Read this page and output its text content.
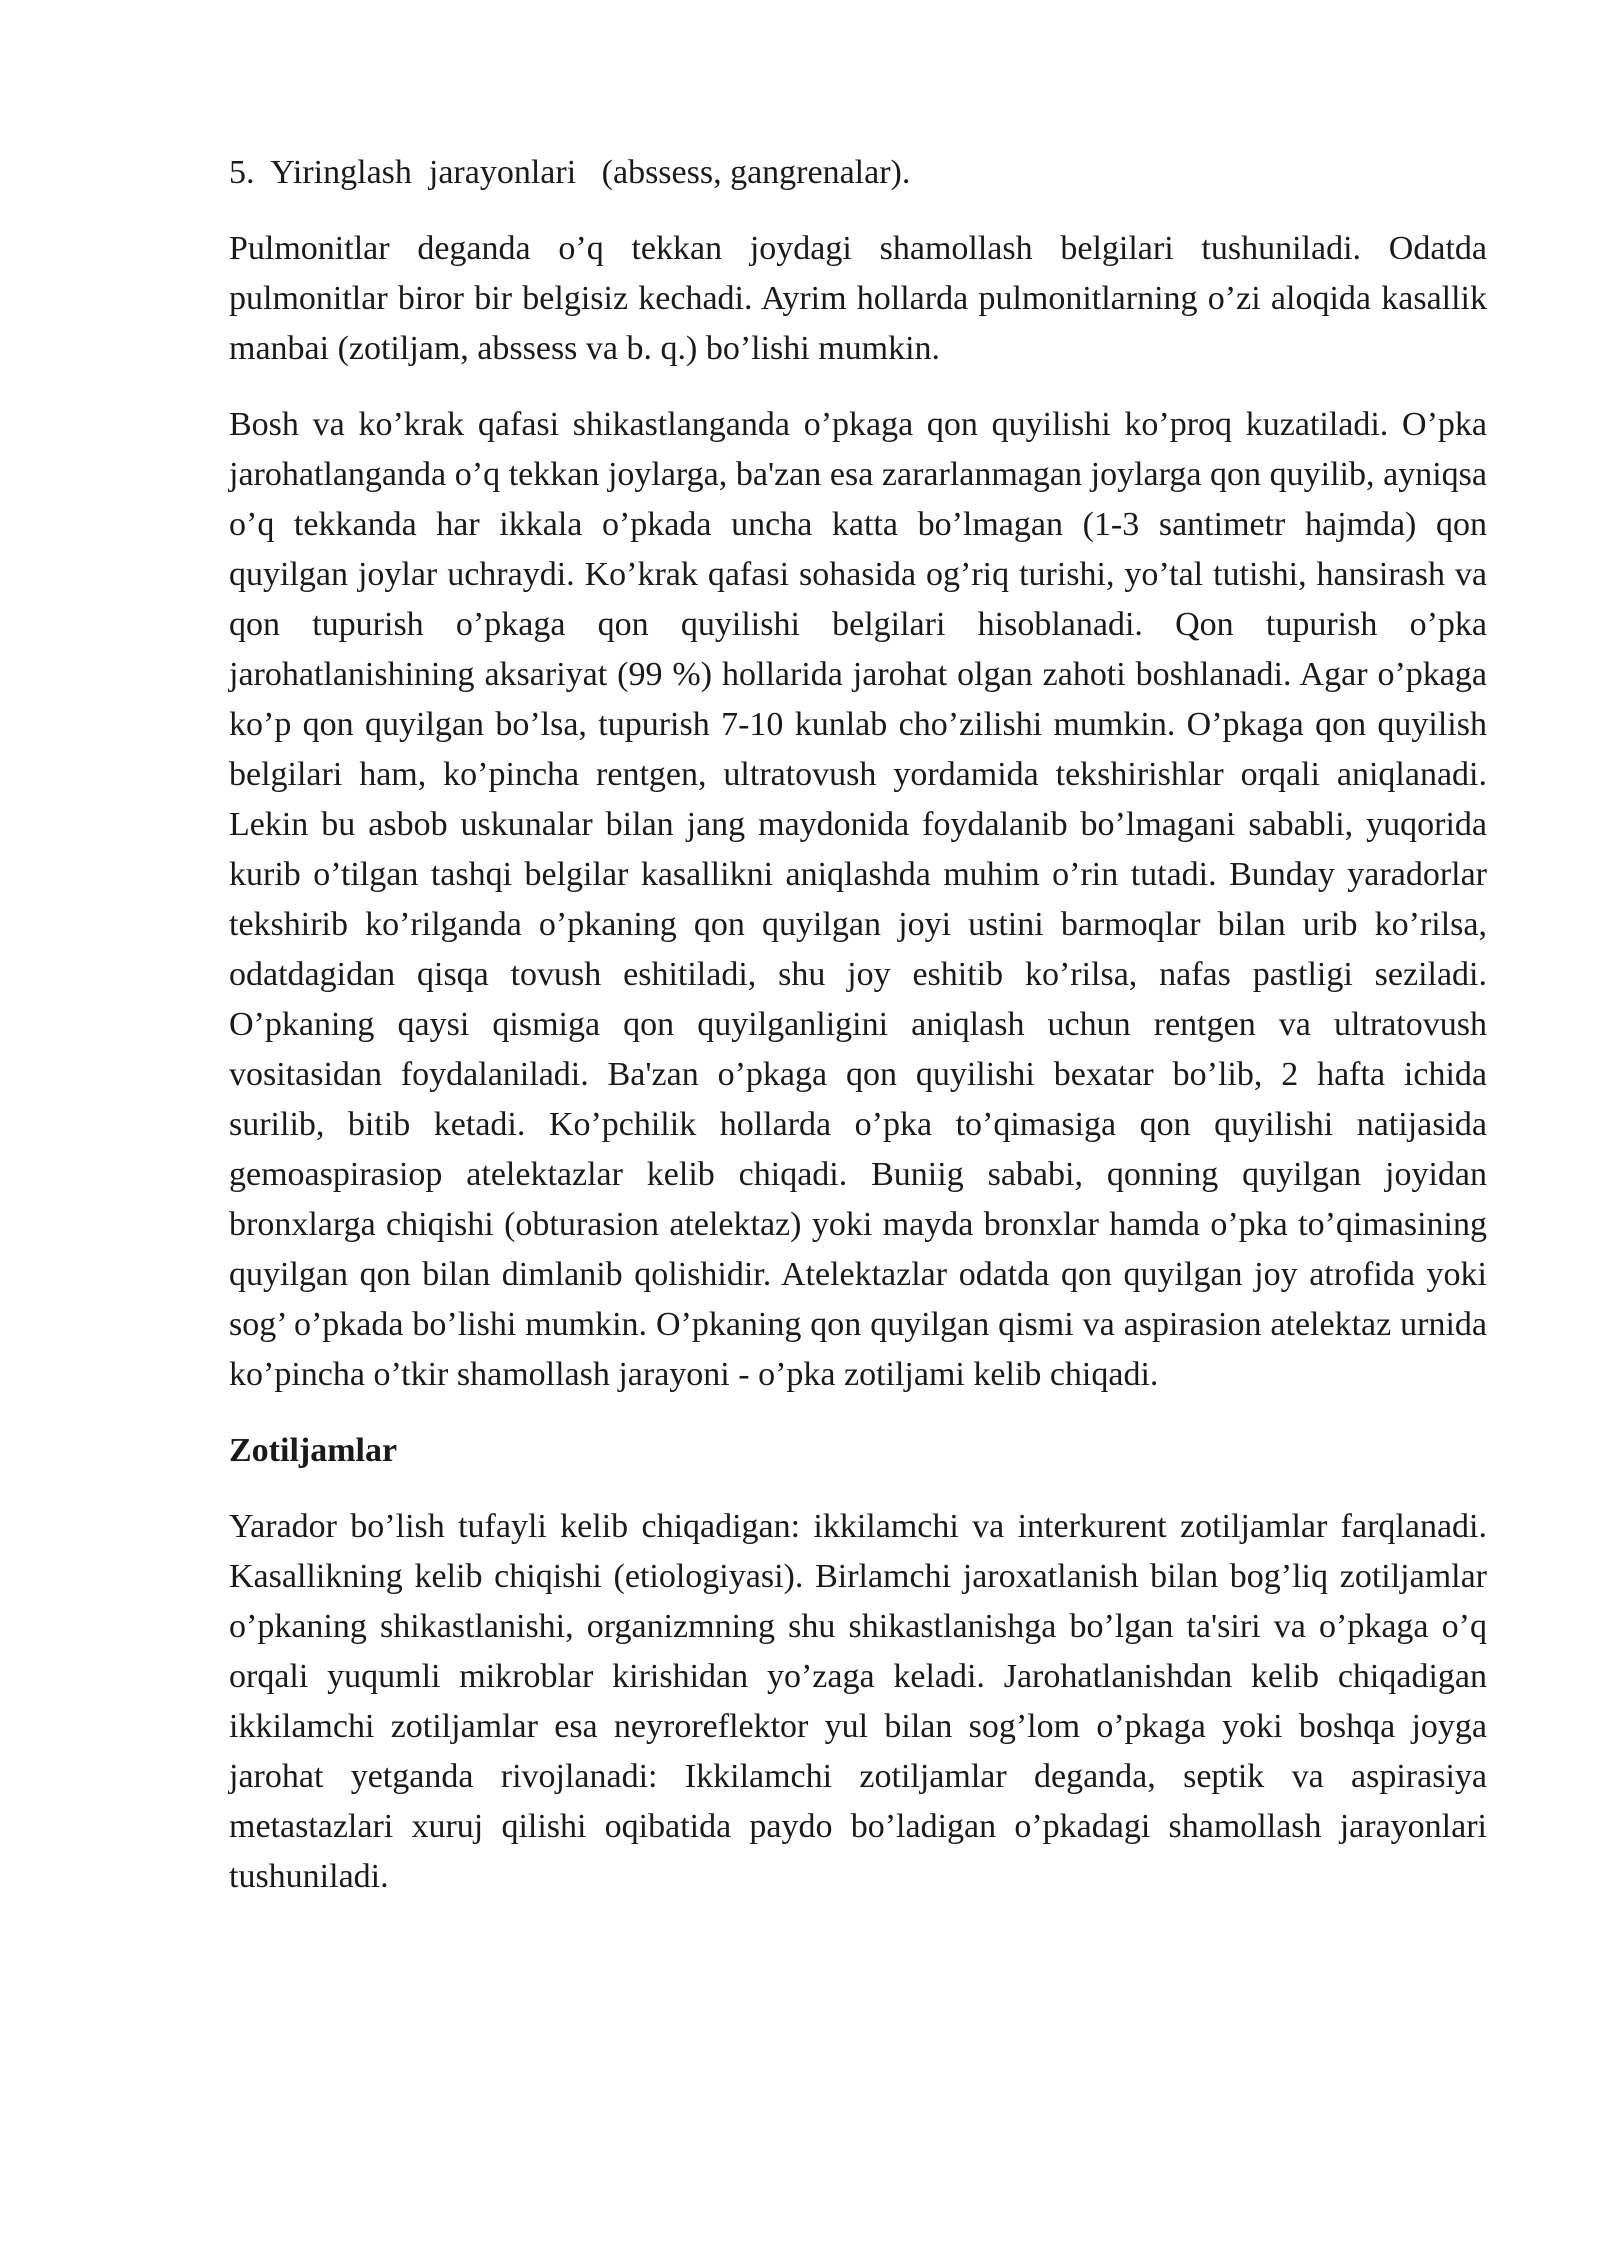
5.  Yiringlash  jarayonlari   (abssess, gangrenalar).

Pulmonitlar deganda o’q tekkan joydagi shamollash belgilari tushuniladi. Odatda pulmonitlar biror bir belgisiz kechadi. Ayrim hollarda pulmonitlarning o’zi aloqida kasallik manbai (zotiljam, abssess va b. q.) bo’lishi mumkin.

Bosh va ko’krak qafasi shikastlanganda o’pkaga qon quyilishi ko’proq kuzatiladi. O’pka jarohatlanganda o’q tekkan joylarga, ba'zan esa zararlanmagan joylarga qon quyilib, ayniqsa o’q tekkanda har ikkala o’pkada uncha katta bo’lmagan (1-3 santimetr hajmda) qon quyilgan joylar uchraydi. Ko’krak qafasi sohasida og’riq turishi, yo’tal tutishi, hansirash va qon tupurish o’pkaga qon quyilishi belgilari hisoblanadi. Qon tupurish o’pka jarohatlanishining aksariyat (99 %) hollarida jarohat olgan zahoti boshlanadi. Agar o’pkaga ko’p qon quyilgan bo’lsa, tupurish 7-10 kunlab cho’zilishi mumkin. O’pkaga qon quyilish belgilari ham, ko’pincha rentgen, ultratovush yordamida tekshirishlar orqali aniqlanadi. Lekin bu asbob uskunalar bilan jang maydonida foydalanib bo’lmagani sababli, yuqorida kurib o’tilgan tashqi belgilar kasallikni aniqlashda muhim o’rin tutadi. Bunday yaradorlar tekshirib ko’rilganda o’pkaning qon quyilgan joyi ustini barmoqlar bilan urib ko’rilsa, odatdagidan qisqa tovush eshitiladi, shu joy eshitib ko’rilsa, nafas pastligi seziladi. O’pkaning qaysi qismiga qon quyilganligini aniqlash uchun rentgen va ultratovush vositasidan foydalaniladi. Ba'zan o’pkaga qon quyilishi bexatar bo’lib, 2 hafta ichida surilib, bitib ketadi. Ko’pchilik hollarda o’pka to’qimasiga qon quyilishi natijasida gemoaspirasiop atelektazlar kelib chiqadi. Buniig sababi, qonning quyilgan joyidan bronxlarga chiqishi (obturasion atelektaz) yoki mayda bronxlar hamda o’pka to’qimasining quyilgan qon bilan dimlanib qolishidir. Atelektazlar odatda qon quyilgan joy atrofida yoki sog’ o’pkada bo’lishi mumkin. O’pkaning qon quyilgan qismi va aspirasion atelektaz urnida ko’pincha o’tkir shamollash jarayoni - o’pka zotiljami kelib chiqadi.

Zotiljamlar

Yarador bo’lish tufayli kelib chiqadigan: ikkilamchi va interkurent zotiljamlar farqlanadi. Kasallikning kelib chiqishi (etiologiyasi). Birlamchi jaroxatlanish bilan bog’liq zotiljamlar o’pkaning shikastlanishi, organizmning shu shikastlanishga bo’lgan ta'siri va o’pkaga o’q orqali yuqumli mikroblar kirishidan yo’zaga keladi. Jarohatlanishdan kelib chiqadigan ikkilamchi zotiljamlar esa neyroreflektor yul bilan sog’lom o’pkaga yoki boshqa joyga jarohat yetganda rivojlanadi: Ikkilamchi zotiljamlar deganda, septik va aspirasiya metastazlari xuruj qilishi oqibatida paydo bo’ladigan o’pkadagi shamollash jarayonlari tushuniladi.
